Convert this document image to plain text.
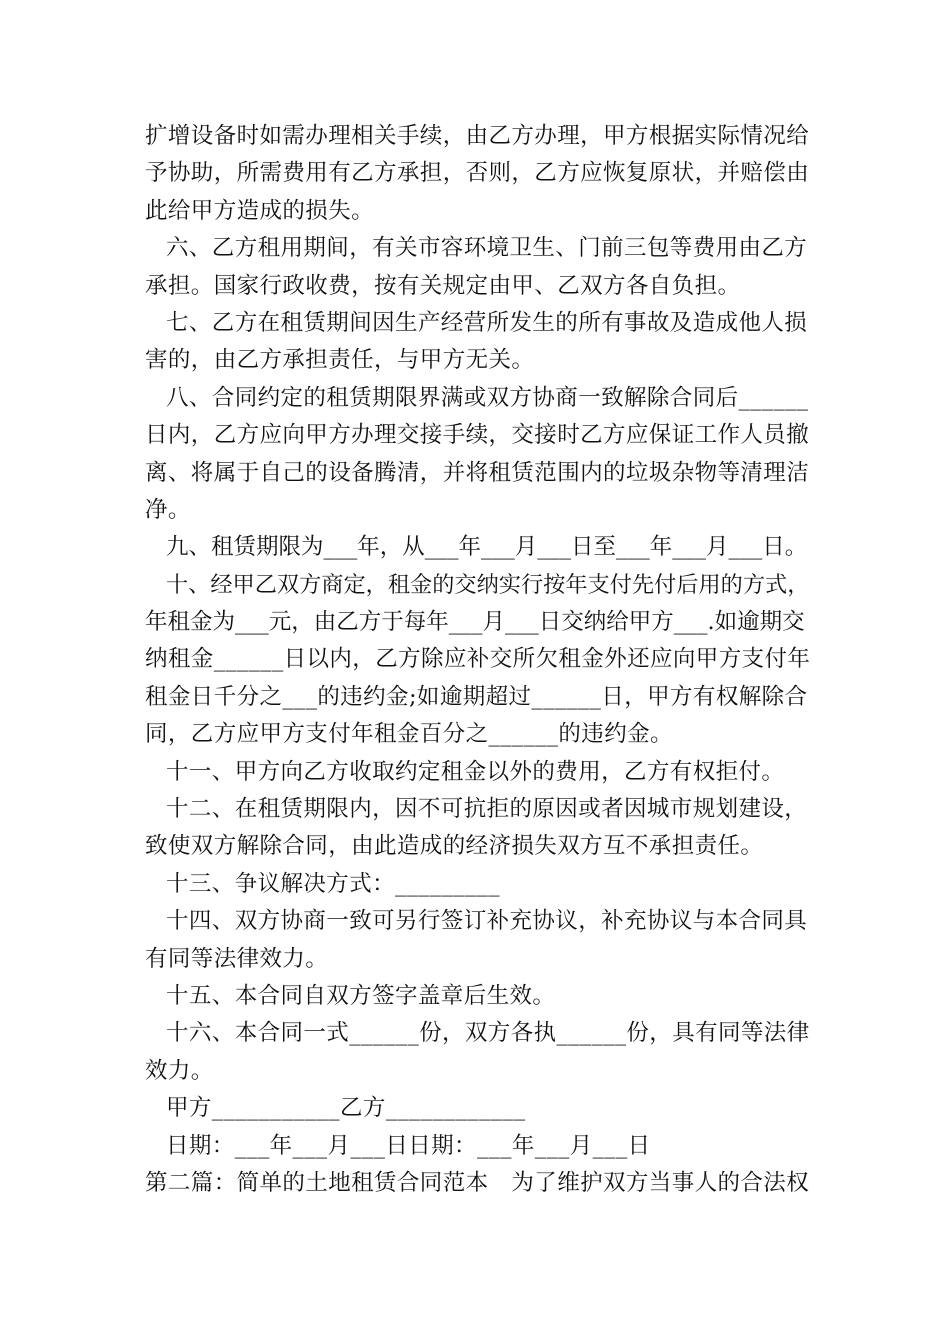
扩增设备时如需办理相关手续，由乙方办理，甲方根据实际情况给
予协助，所需费用有乙方承担，否则，乙方应恢复原状，并赔偿由
此给甲方造成的损失。
六、乙方租用期间，有关市容环境卫生、门前三包等费用由乙方
承担。国家行政收费，按有关规定由甲、乙双方各自负担。
七、乙方在租赁期间因生产经营所发生的所有事故及造成他人损
害的，由乙方承担责任，与甲方无关。
八、合同约定的租赁期限界满或双方协商一致解除合同后______
日内，乙方应向甲方办理交接手续，交接时乙方应保证工作人员撤
离、将属于自己的设备腾清，并将租赁范围内的垃圾杂物等清理洁
净。
九、租赁期限为___年，从___年___月___日至___年___月___日。
十、经甲乙双方商定，租金的交纳实行按年支付先付后用的方式，
年租金为___元，由乙方于每年___月___日交纳给甲方___.如逾期交
纳租金______日以内，乙方除应补交所欠租金外还应向甲方支付年
租金日千分之___的违约金;如逾期超过______日，甲方有权解除合
同，乙方应甲方支付年租金百分之______的违约金。
十一、甲方向乙方收取约定租金以外的费用，乙方有权拒付。
十二、在租赁期限内，因不可抗拒的原因或者因城市规划建设，
致使双方解除合同，由此造成的经济损失双方互不承担责任。
十三、争议解决方式：_________
十四、双方协商一致可另行签订补充协议，补充协议与本合同具
有同等法律效力。
十五、本合同自双方签字盖章后生效。
十六、本合同一式______份，双方各执______份，具有同等法律
效力。
甲方___________乙方____________
日期：___年___月___日日期：___年___月___日
第二篇：简单的土地租赁合同范本　为了维护双方当事人的合法权
